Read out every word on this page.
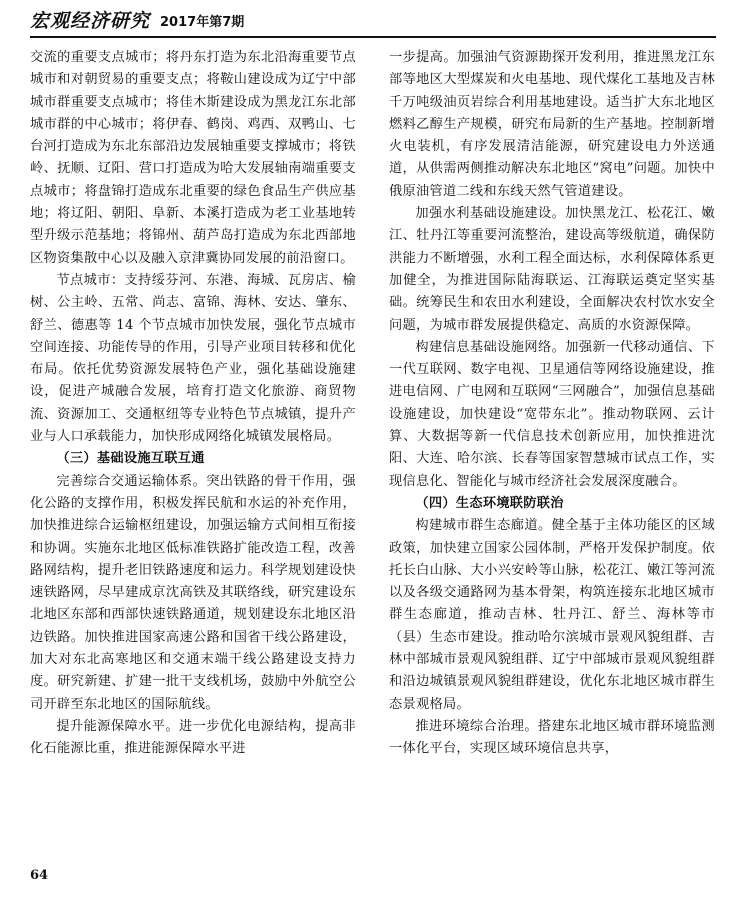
宏观经济研究 2017年第7期

交流的重要支点城市；将丹东打造为东北沿海重要节点城市和对朝贸易的重要支点；将鞍山建设成为辽宁中部城市群重要支点城市；将佳木斯建设成为黑龙江东北部城市群的中心城市；将伊春、鹤岗、鸡西、双鸭山、七台河打造成为东北东部沿边发展轴重要支撑城市；将铁岭、抚顺、辽阳、营口打造成为哈大发展轴南端重要支点城市；将盘锦打造成东北重要的绿色食品生产供应基地；将辽阳、朝阳、阜新、本溪打造成为老工业基地转型升级示范基地；将锦州、葫芦岛打造成为东北西部地区物资集散中心以及融入京津冀协同发展的前沿窗口。

节点城市：支持绥芬河、东港、海城、瓦房店、榆树、公主岭、五常、尚志、富锦、海林、安达、肇东、舒兰、德惠等 14 个节点城市加快发展，强化节点城市空间连接、功能传导的作用，引导产业项目转移和优化布局。依托优势资源发展特色产业，强化基础设施建设，促进产城融合发展，培育打造文化旅游、商贸物流、资源加工、交通枢纽等专业特色节点城镇，提升产业与人口承载能力，加快形成网络化城镇发展格局。

（三）基础设施互联互通

完善综合交通运输体系。突出铁路的骨干作用，强化公路的支撑作用，积极发挥民航和水运的补充作用，加快推进综合运输枢纽建设，加强运输方式间相互衔接和协调。实施东北地区低标准铁路扩能改造工程，改善路网结构，提升老旧铁路速度和运力。科学规划建设快速铁路网，尽早建成京沈高铁及其联络线，研究建设东北地区东部和西部快速铁路通道，规划建设东北地区沿边铁路。加快推进国家高速公路和国省干线公路建设，加大对东北高寒地区和交通末端干线公路建设支持力度。研究新建、扩建一批干支线机场，鼓励中外航空公司开辟至东北地区的国际航线。

提升能源保障水平。进一步优化电源结构，提高非化石能源比重，推进能源保障水平进

一步提高。加强油气资源勘探开发利用，推进黑龙江东部等地区大型煤炭和火电基地、现代煤化工基地及吉林千万吨级油页岩综合利用基地建设。适当扩大东北地区燃料乙醇生产规模，研究布局新的生产基地。控制新增火电装机，有序发展清洁能源，研究建设电力外送通道，从供需两侧推动解决东北地区“窝电”问题。加快中俄原油管道二线和东线天然气管道建设。

加强水利基础设施建设。加快黑龙江、松花江、嫩江、牡丹江等重要河流整治，建设高等级航道，确保防洪能力不断增强，水利工程全面达标，水利保障体系更加健全，为推进国际陆海联运、江海联运奠定坚实基础。统筹民生和农田水利建设，全面解决农村饮水安全问题，为城市群发展提供稳定、高质的水资源保障。

构建信息基础设施网络。加强新一代移动通信、下一代互联网、数字电视、卫星通信等网络设施建设，推进电信网、广电网和互联网“三网融合”，加强信息基础设施建设，加快建设“宽带东北”。推动物联网、云计算、大数据等新一代信息技术创新应用，加快推进沈阳、大连、哈尔滨、长春等国家智慧城市试点工作，实现信息化、智能化与城市经济社会发展深度融合。

（四）生态环境联防联治

构建城市群生态廊道。健全基于主体功能区的区域政策，加快建立国家公园体制，严格开发保护制度。依托长白山脉、大小兴安岭等山脉，松花江、嫩江等河流以及各级交通路网为基本骨架，构筑连接东北地区城市群生态廊道，推动吉林、牡丹江、舒兰、海林等市（县）生态市建设。推动哈尔滨城市景观风貌组群、吉林中部城市景观风貌组群、辽宁中部城市景观风貌组群和沿边城镇景观风貌组群建设，优化东北地区城市群生态景观格局。

推进环境综合治理。搭建东北地区城市群环境监测一体化平台，实现区域环境信息共享，

64
